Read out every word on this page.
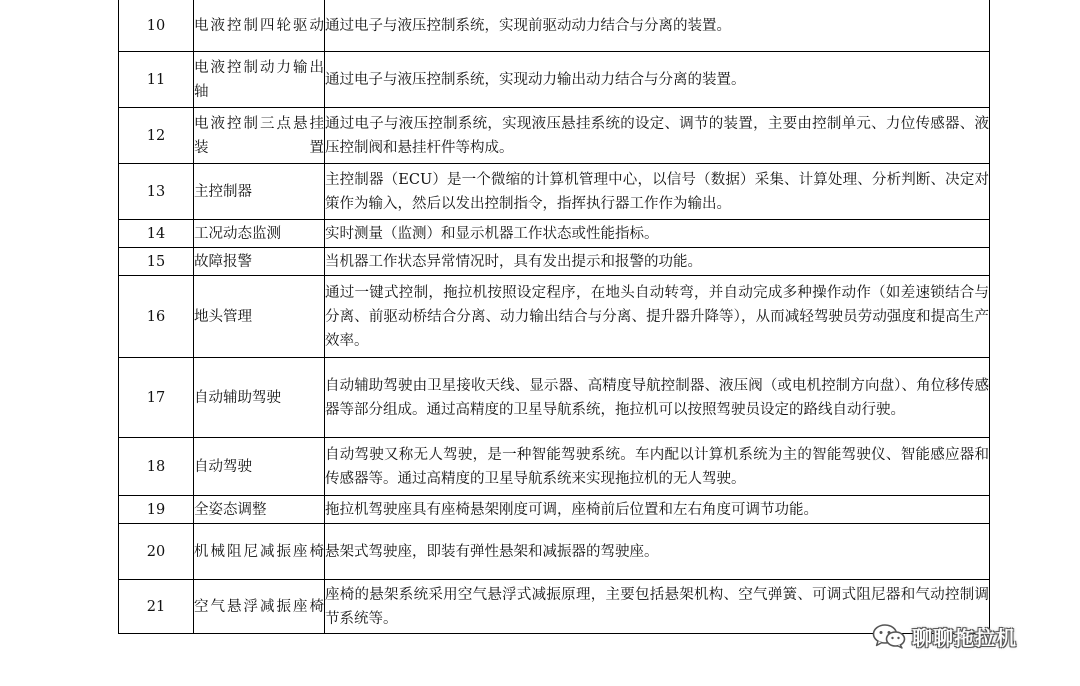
10	电液控制四轮驱动	通过电子与液压控制系统，实现前驱动动力结合与分离的装置。
11	电液控制动力输出轴	通过电子与液压控制系统，实现动力输出动力结合与分离的装置。
12	电液控制三点悬挂装置	通过电子与液压控制系统，实现液压悬挂系统的设定、调节的装置，主要由控制单元、力位传感器、液压控制阀和悬挂杆件等构成。
13	主控制器	主控制器（ECU）是一个微缩的计算机管理中心，以信号（数据）采集、计算处理、分析判断、决定对策作为输入，然后以发出控制指令，指挥执行器工作作为输出。
14	工况动态监测	实时测量（监测）和显示机器工作状态或性能指标。
15	故障报警	当机器工作状态异常情况时，具有发出提示和报警的功能。
16	地头管理	通过一键式控制，拖拉机按照设定程序，在地头自动转弯，并自动完成多种操作动作（如差速锁结合与分离、前驱动桥结合分离、动力输出结合与分离、提升器升降等），从而减轻驾驶员劳动强度和提高生产效率。
17	自动辅助驾驶	自动辅助驾驶由卫星接收天线、显示器、高精度导航控制器、液压阀（或电机控制方向盘）、角位移传感器等部分组成。通过高精度的卫星导航系统，拖拉机可以按照驾驶员设定的路线自动行驶。
18	自动驾驶	自动驾驶又称无人驾驶，是一种智能驾驶系统。车内配以计算机系统为主的智能驾驶仪、智能感应器和传感器等。通过高精度的卫星导航系统来实现拖拉机的无人驾驶。
19	全姿态调整	拖拉机驾驶座具有座椅悬架刚度可调，座椅前后位置和左右角度可调节功能。
20	机械阻尼减振座椅	悬架式驾驶座，即装有弹性悬架和减振器的驾驶座。
21	空气悬浮减振座椅	座椅的悬架系统采用空气悬浮式减振原理，主要包括悬架机构、空气弹簧、可调式阻尼器和气动控制调节系统等。
聊聊拖拉机
